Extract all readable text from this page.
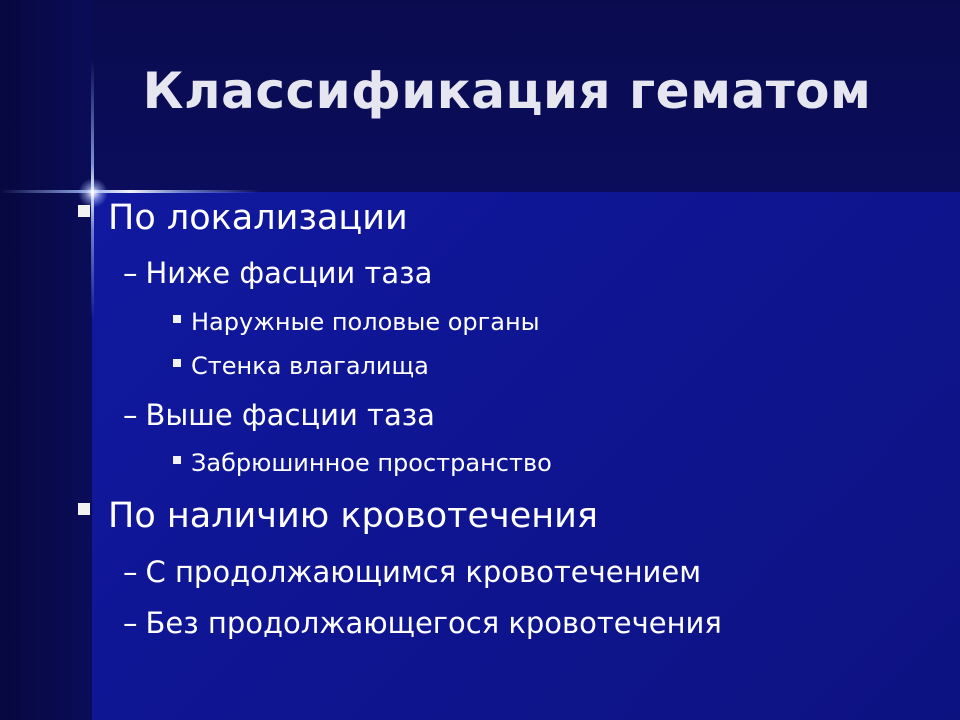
Классификация гематом
По локализации
– Ниже фасции таза
Наружные половые органы
Стенка влагалища
– Выше фасции таза
Забрюшинное пространство
По наличию кровотечения
– С продолжающимся кровотечением
– Без продолжающегося кровотечения
